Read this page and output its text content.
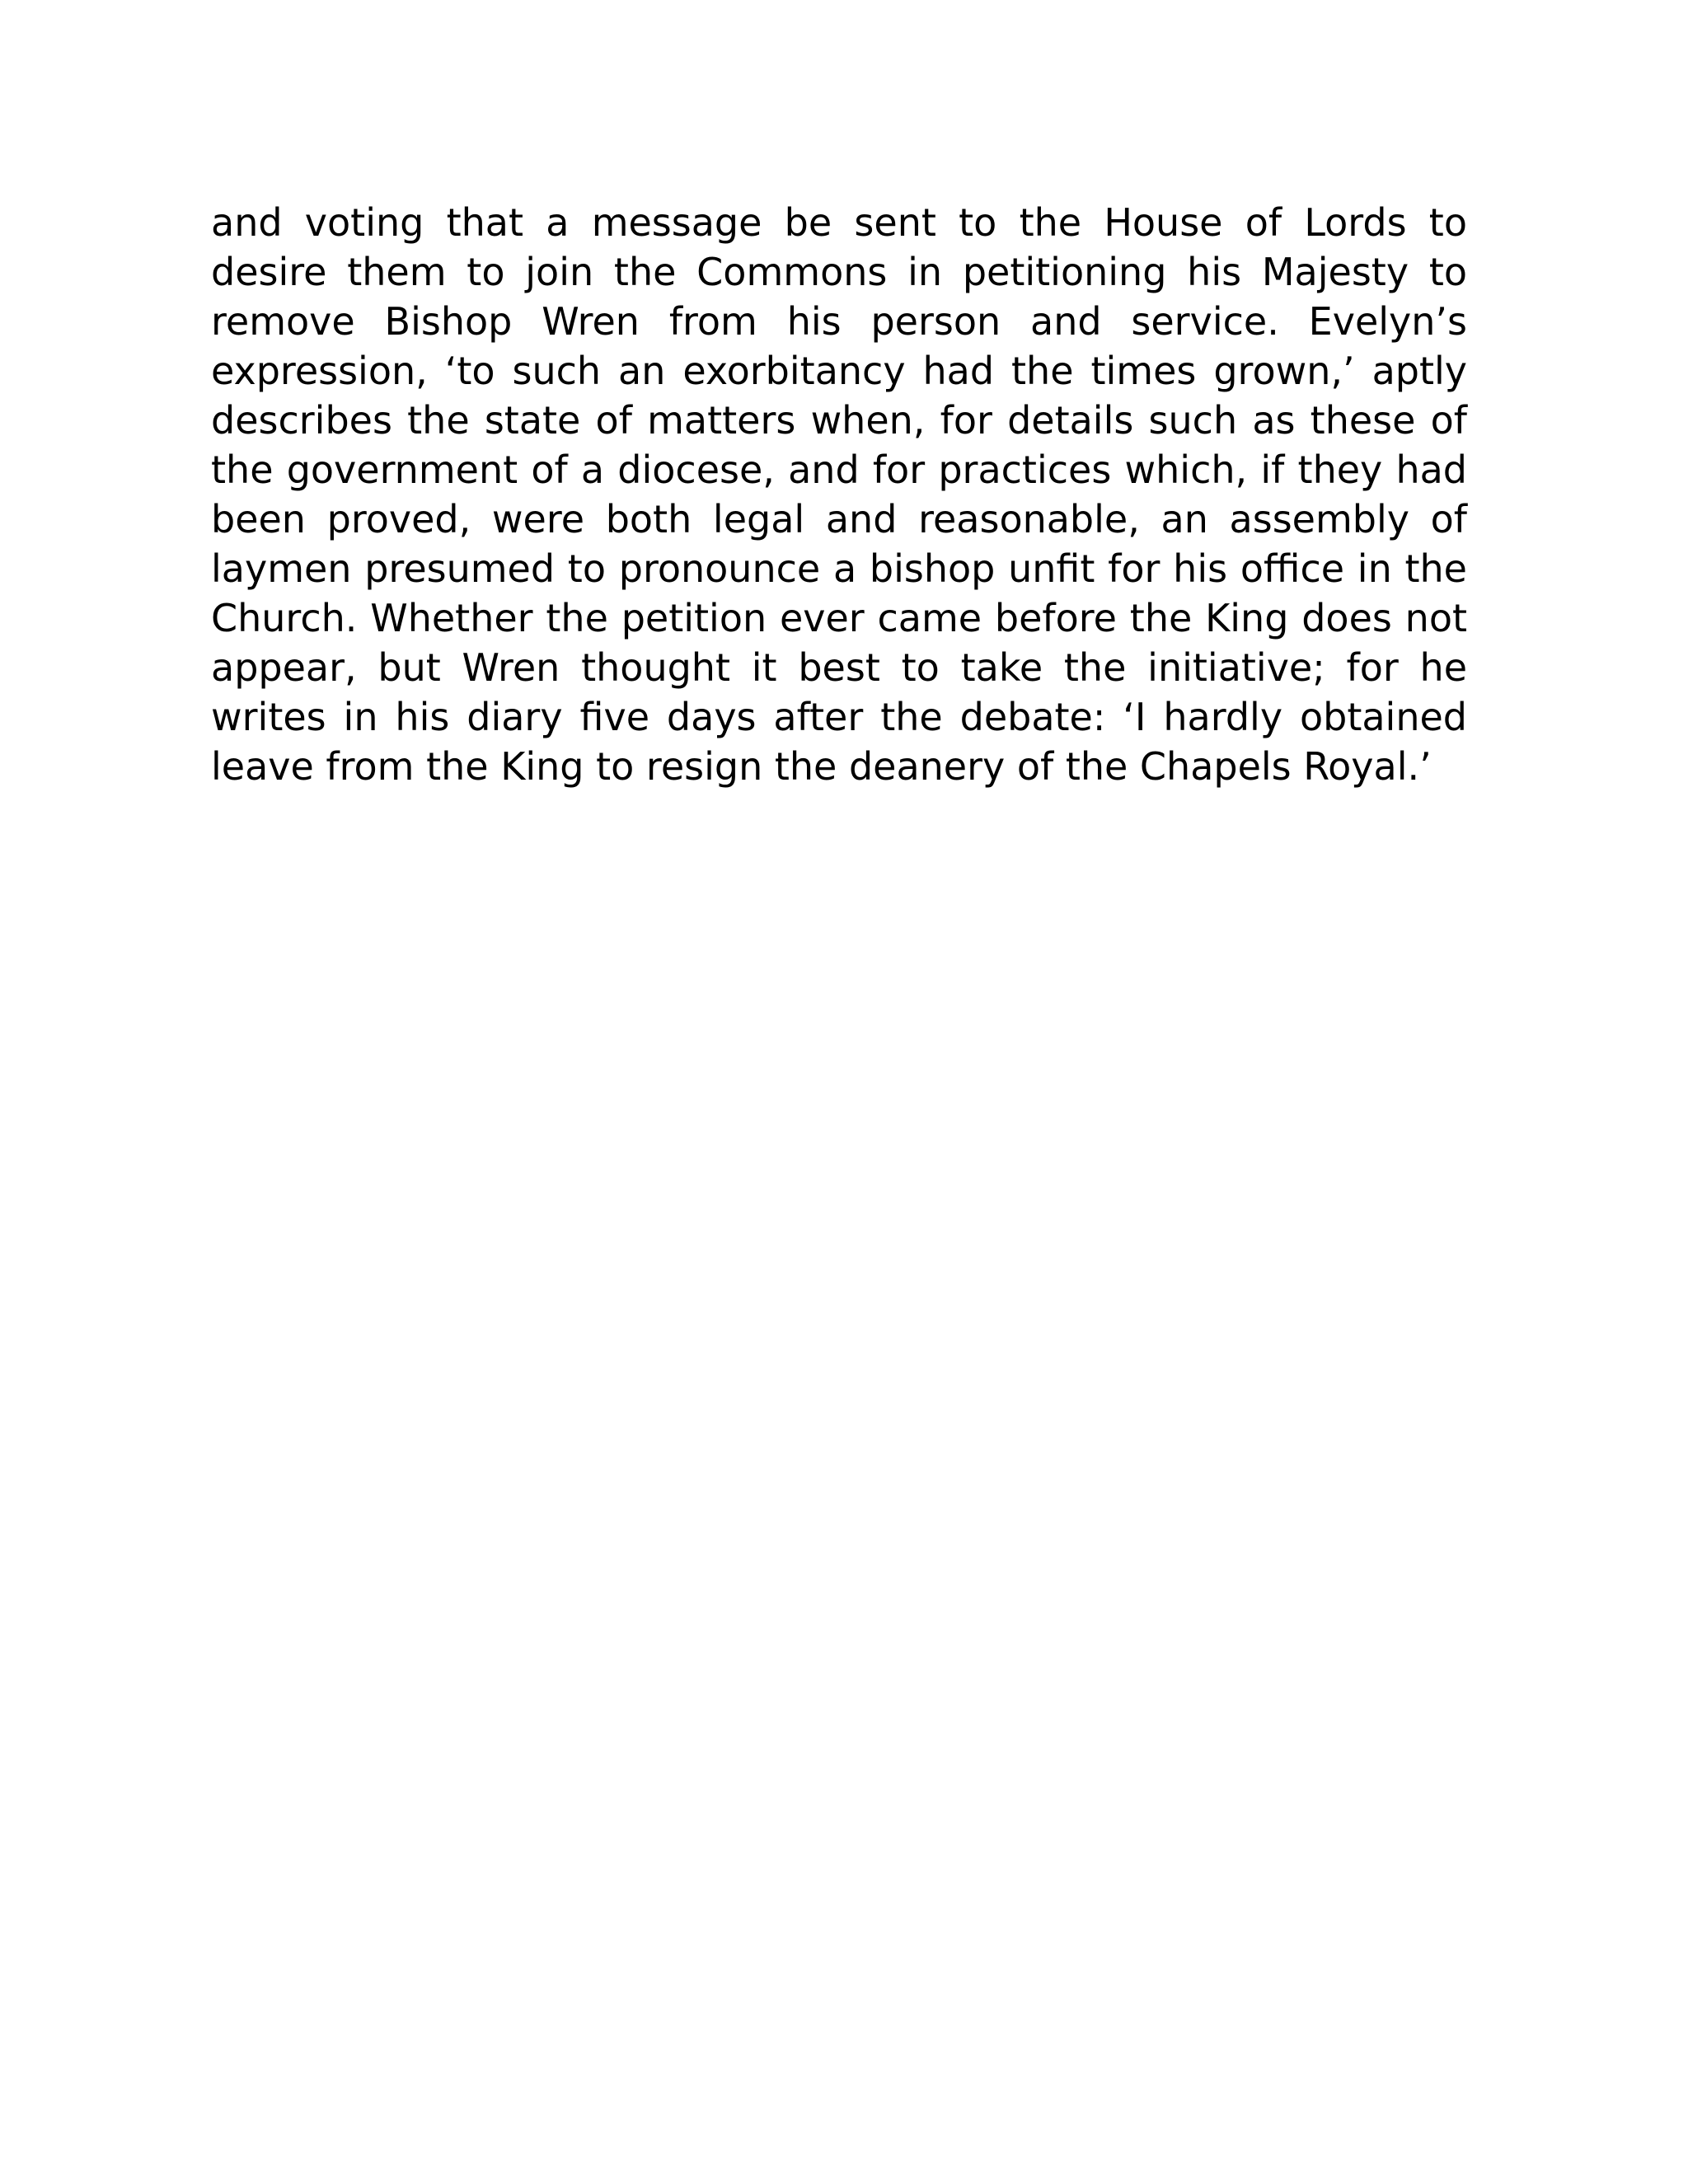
and voting that a message be sent to the House of Lords to desire them to join the Commons in petitioning his Majesty to remove Bishop Wren from his person and service. Evelyn’s expression, ‘to such an exorbitancy had the times grown,’ aptly describes the state of matters when, for details such as these of the government of a diocese, and for practices which, if they had been proved, were both legal and reasonable, an assembly of laymen presumed to pronounce a bishop unfit for his office in the Church. Whether the petition ever came before the King does not appear, but Wren thought it best to take the initiative; for he writes in his diary five days after the debate: ‘I hardly obtained leave from the King to resign the deanery of the Chapels Royal.’
